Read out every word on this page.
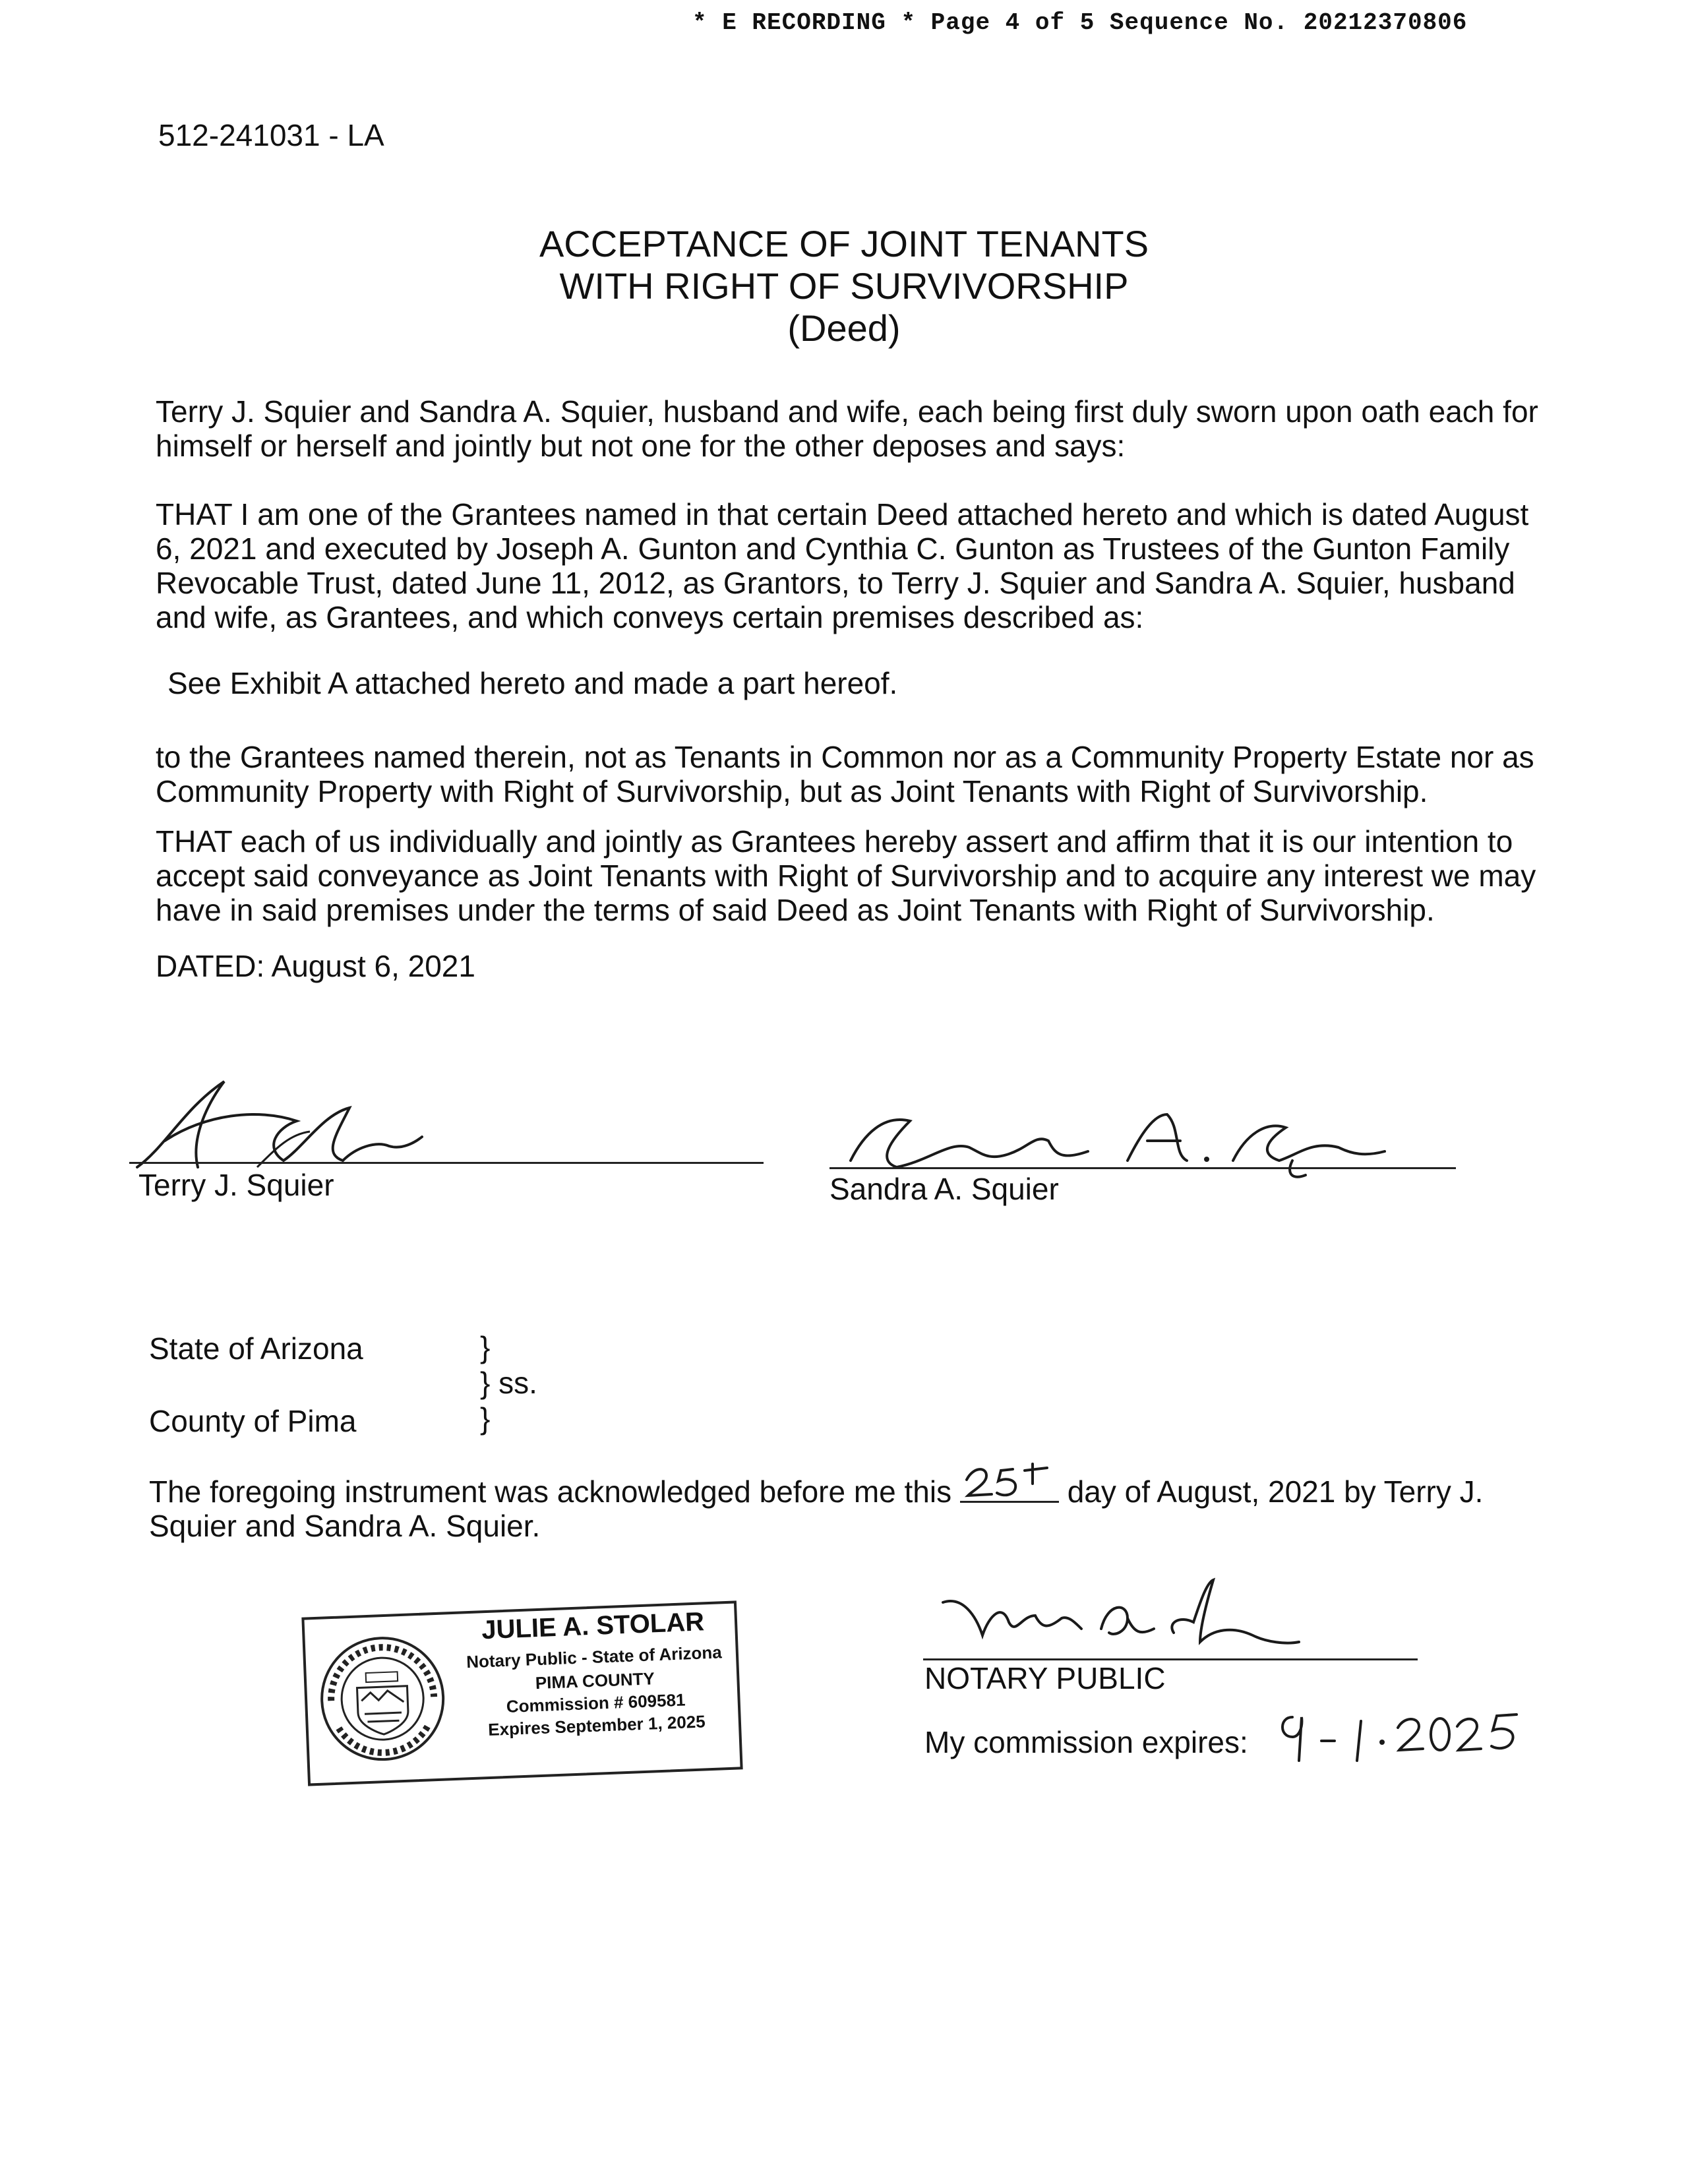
* E RECORDING * Page 4 of 5 Sequence No. 20212370806
512-241031 - LA
ACCEPTANCE OF JOINT TENANTS
WITH RIGHT OF SURVIVORSHIP
(Deed)
Terry J. Squier and Sandra A. Squier, husband and wife, each being first duly sworn upon oath each for himself or herself and jointly but not one for the other deposes and says:
THAT I am one of the Grantees named in that certain Deed attached hereto and which is dated August 6, 2021 and executed by Joseph A. Gunton and Cynthia C. Gunton as Trustees of the Gunton Family Revocable Trust, dated June 11, 2012, as Grantors, to Terry J. Squier and Sandra A. Squier, husband and wife, as Grantees, and which conveys certain premises described as:
See Exhibit A attached hereto and made a part hereof.
to the Grantees named therein, not as Tenants in Common nor as a Community Property Estate nor as Community Property with Right of Survivorship, but as Joint Tenants with Right of Survivorship.
THAT each of us individually and jointly as Grantees hereby assert and affirm that it is our intention to accept said conveyance as Joint Tenants with Right of Survivorship and to acquire any interest we may have in said premises under the terms of said Deed as Joint Tenants with Right of Survivorship.
DATED: August 6, 2021
Terry J. Squier	Sandra A. Squier
State of Arizona
County of Pima
}
} ss.
}
The foregoing instrument was acknowledged before me this	day of August, 2021 by Terry J. Squier and Sandra A. Squier.
JULIE A. STOLAR
Notary Public - State of Arizona
PIMA COUNTY
Commission # 609581
Expires September 1, 2025
NOTARY PUBLIC
My commission expires:
